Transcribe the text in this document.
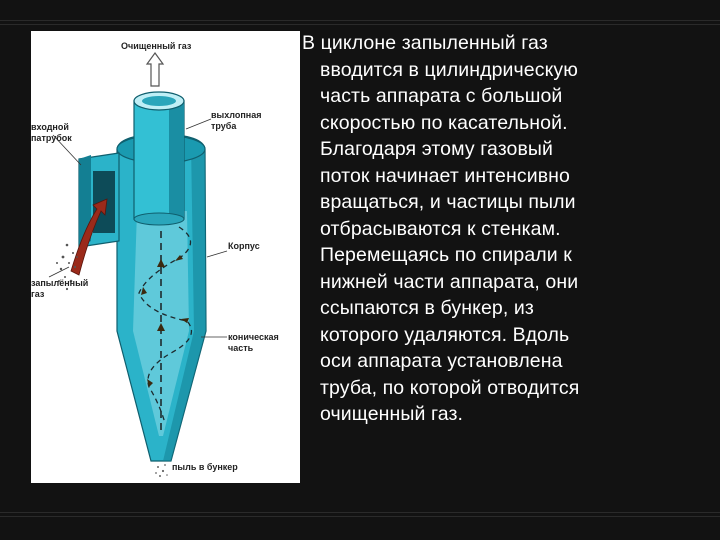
Очищенный газ
выхлопная
труба
входной
патрубок
Корпус
запылённый
газ
коническая
часть
пыль в бункер
В циклоне запыленный газ
вводится в цилиндрическую
часть аппарата с большой
скоростью по касательной.
Благодаря этому газовый
поток начинает интенсивно
вращаться, и частицы пыли
отбрасываются к стенкам.
Перемещаясь по спирали к
нижней части аппарата, они
ссыпаются в бункер, из
которого удаляются. Вдоль
оси аппарата установлена
труба, по которой отводится
очищенный газ.
